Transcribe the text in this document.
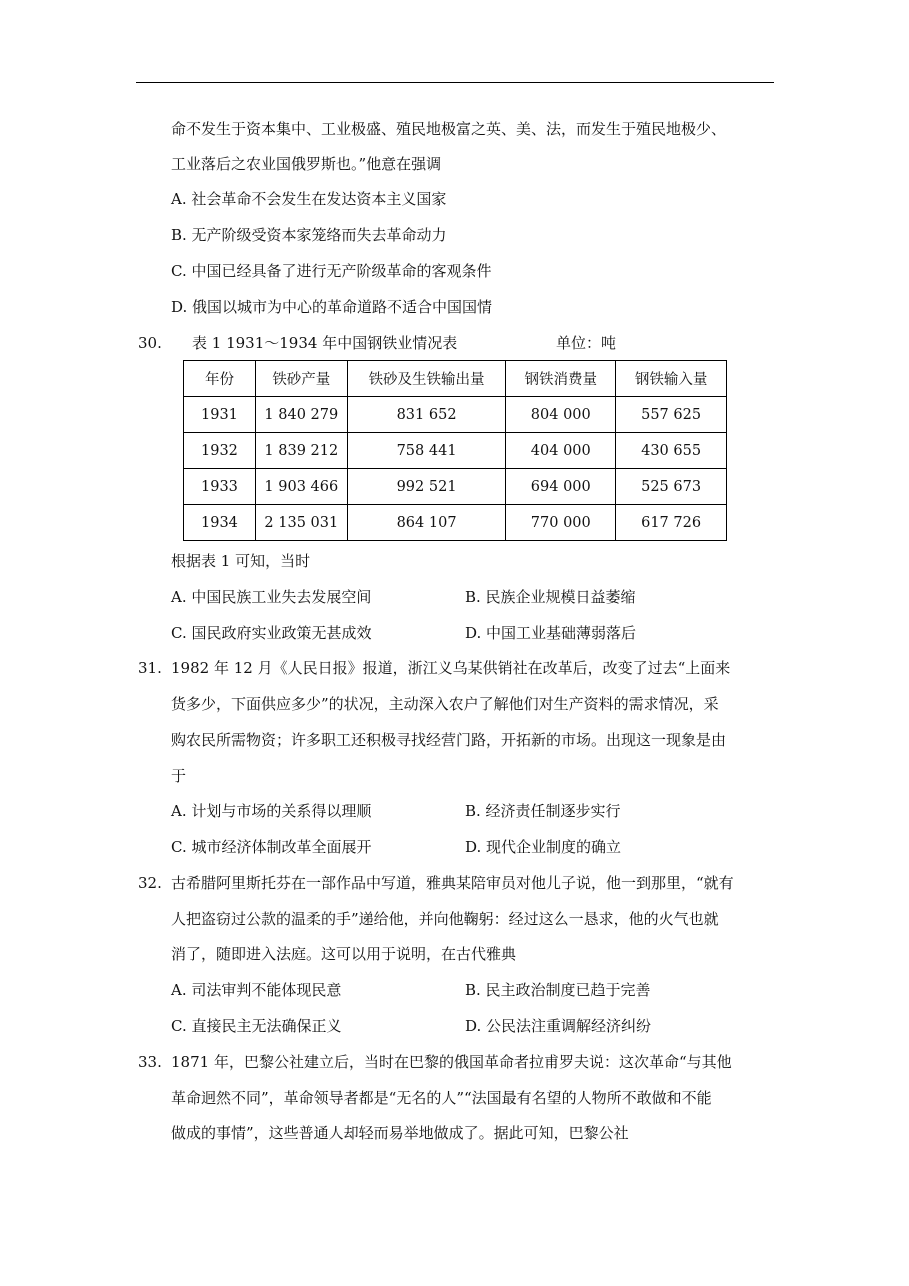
命不发生于资本集中、工业极盛、殖民地极富之英、美、法，而发生于殖民地极少、
工业落后之农业国俄罗斯也。”他意在强调
A. 社会革命不会发生在发达资本主义国家
B. 无产阶级受资本家笼络而失去革命动力
C. 中国已经具备了进行无产阶级革命的客观条件
D. 俄国以城市为中心的革命道路不适合中国国情
30. 表 1 1931～1934 年中国钢铁业情况表	单位：吨
年份	铁砂产量	铁砂及生铁输出量	钢铁消费量	钢铁输入量
1931	1 840 279	831 652	804 000	557 625
1932	1 839 212	758 441	404 000	430 655
1933	1 903 466	992 521	694 000	525 673
1934	2 135 031	864 107	770 000	617 726
根据表 1 可知，当时
A. 中国民族工业失去发展空间	B. 民族企业规模日益萎缩
C. 国民政府实业政策无甚成效	D. 中国工业基础薄弱落后
31. 1982 年 12 月《人民日报》报道，浙江义乌某供销社在改革后，改变了过去“上面来
货多少，下面供应多少”的状况，主动深入农户了解他们对生产资料的需求情况，采
购农民所需物资；许多职工还积极寻找经营门路，开拓新的市场。出现这一现象是由
于
A. 计划与市场的关系得以理顺	B. 经济责任制逐步实行
C. 城市经济体制改革全面展开	D. 现代企业制度的确立
32. 古希腊阿里斯托芬在一部作品中写道，雅典某陪审员对他儿子说，他一到那里，“就有
人把盗窃过公款的温柔的手”递给他，并向他鞠躬：经过这么一恳求，他的火气也就
消了，随即进入法庭。这可以用于说明，在古代雅典
A. 司法审判不能体现民意	B. 民主政治制度已趋于完善
C. 直接民主无法确保正义	D. 公民法注重调解经济纠纷
33. 1871 年，巴黎公社建立后，当时在巴黎的俄国革命者拉甫罗夫说：这次革命“与其他
革命迥然不同”，革命领导者都是“无名的人”“法国最有名望的人物所不敢做和不能
做成的事情”，这些普通人却轻而易举地做成了。据此可知，巴黎公社
